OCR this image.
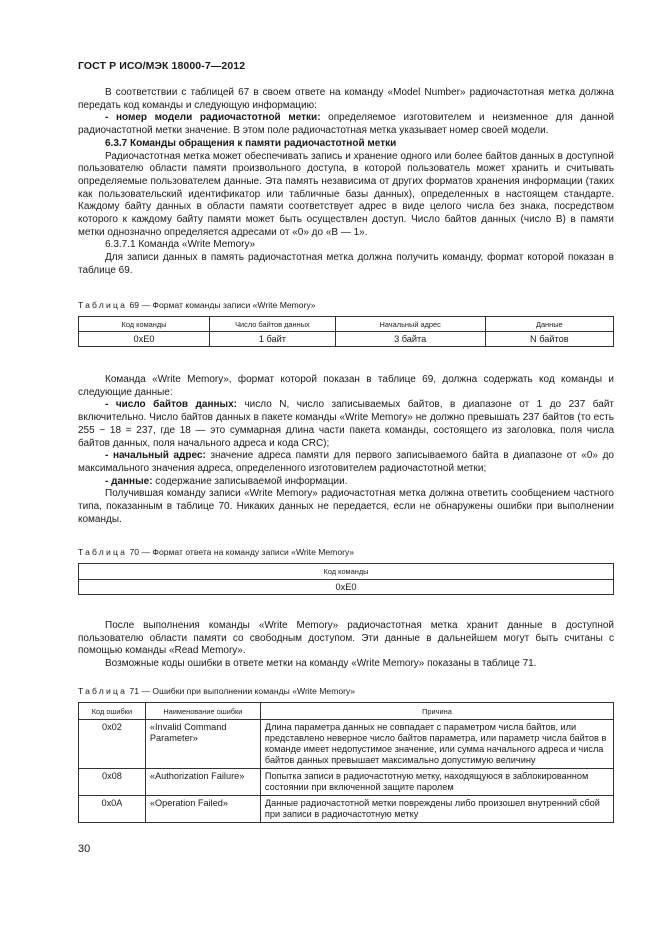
ГОСТ Р ИСО/МЭК 18000-7—2012

В соответствии с таблицей 67 в своем ответе на команду «Model Number» радиочастотная метка должна передать код команды и следующую информацию:

- номер модели радиочастотной метки: определяемое изготовителем и неизменное для данной радиочастотной метки значение. В этом поле радиочастотная метка указывает номер своей модели.

6.3.7 Команды обращения к памяти радиочастотной метки

Радиочастотная метка может обеспечивать запись и хранение одного или более байтов данных в доступной пользователю области памяти произвольного доступа, в которой пользователь может хранить и считывать определяемые пользователем данные. Эта память независима от других форматов хранения информации (таких как пользовательский идентификатор или табличные базы данных), определенных в настоящем стандарте. Каждому байту данных в области памяти соответствует адрес в виде целого числа без знака, посредством которого к каждому байту памяти может быть осуществлен доступ. Число байтов данных (число B) в памяти метки однозначно определяется адресами от «0» до «B — 1».

6.3.7.1 Команда «Write Memory»

Для записи данных в память радиочастотная метка должна получить команду, формат которой показан в таблице 69.

Таблица 69 — Формат команды записи «Write Memory»

Код команды	Число байтов данных	Начальный адрес	Данные
0xE0	1 байт	3 байта	N байтов

Команда «Write Memory», формат которой показан в таблице 69, должна содержать код команды и следующие данные:

- число байтов данных: число N, число записываемых байтов, в диапазоне от 1 до 237 байт включительно. Число байтов данных в пакете команды «Write Memory» не должно превышать 237 байтов (то есть 255 − 18 = 237, где 18 — это суммарная длина части пакета команды, состоящего из заголовка, поля числа байтов данных, поля начального адреса и кода CRC);

- начальный адрес: значение адреса памяти для первого записываемого байта в диапазоне от «0» до максимального значения адреса, определенного изготовителем радиочастотной метки;

- данные: содержание записываемой информации.

Получившая команду записи «Write Memory» радиочастотная метка должна ответить сообщением частного типа, показанным в таблице 70. Никаких данных не передается, если не обнаружены ошибки при выполнении команды.

Таблица 70 — Формат ответа на команду записи «Write Memory»

Код команды
0xE0

После выполнения команды «Write Memory» радиочастотная метка хранит данные в доступной пользователю области памяти со свободным доступом. Эти данные в дальнейшем могут быть считаны с помощью команды «Read Memory».

Возможные коды ошибки в ответе метки на команду «Write Memory» показаны в таблице 71.

Таблица 71 — Ошибки при выполнении команды «Write Memory»

Код ошибки	Наименование ошибки	Причина
0x02	«Invalid Command Parameter»	Длина параметра данных не совпадает с параметром числа байтов, или представлено неверное число байтов параметра, или параметр числа байтов в команде имеет недопустимое значение, или сумма начального адреса и числа байтов данных превышает максимально допустимую величину
0x08	«Authorization Failure»	Попытка записи в радиочастотную метку, находящуюся в заблокированном состоянии при включенной защите паролем
0x0A	«Operation Failed»	Данные радиочастотной метки повреждены либо произошел внутренний сбой при записи в радиочастотную метку
30
